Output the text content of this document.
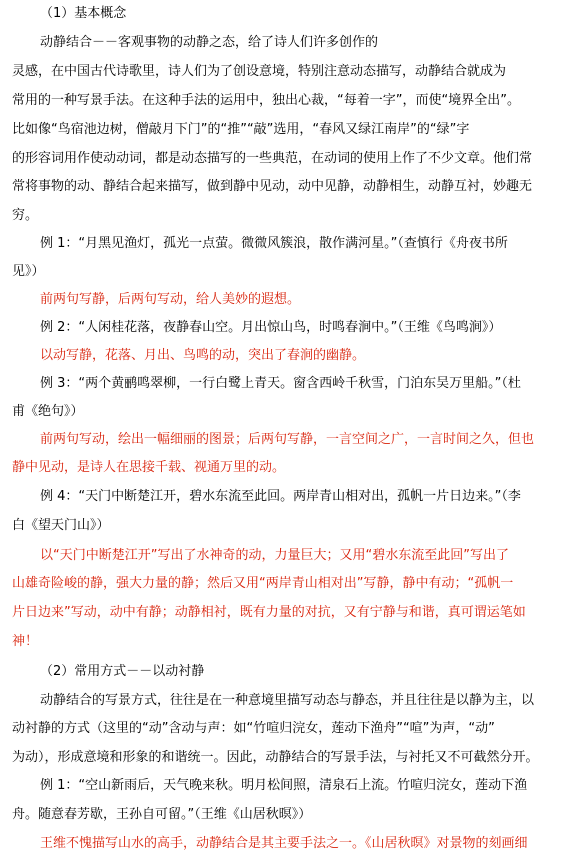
（1）基本概念

动静结合－－客观事物的动静之态，给了诗人们许多创作的

灵感，在中国古代诗歌里，诗人们为了创设意境，特别注意动态描写，动静结合就成为

常用的一种写景手法。在这种手法的运用中，独出心裁，“每着一字”，而使“境界全出”。

比如像“鸟宿池边树，僧敲月下门”的“推”“敲”选用，“春风又绿江南岸”的“绿”字

的形容词用作使动动词，都是动态描写的一些典范，在动词的使用上作了不少文章。他们常

常将事物的动、静结合起来描写，做到静中见动，动中见静，动静相生，动静互衬，妙趣无

穷。

例 1：“月黑见渔灯，孤光一点萤。微微风簇浪，散作满河星。”（查慎行《舟夜书所

见》）

前两句写静，后两句写动，给人美妙的遐想。

例 2：“人闲桂花落，夜静春山空。月出惊山鸟，时鸣春涧中。”（王维《鸟鸣涧》）

以动写静，花落、月出、鸟鸣的动，突出了春涧的幽静。

例 3：“两个黄鹂鸣翠柳，一行白鹭上青天。窗含西岭千秋雪，门泊东吴万里船。”（杜

甫《绝句》）

前两句写动，绘出一幅细丽的图景；后两句写静，一言空间之广，一言时间之久，但也

静中见动，是诗人在思接千载、视通万里的动。

例 4：“天门中断楚江开，碧水东流至此回。两岸青山相对出，孤帆一片日边来。”（李

白《望天门山》）

以“天门中断楚江开”写出了水神奇的动，力量巨大；又用“碧水东流至此回”写出了

山雄奇险峻的静，强大力量的静；然后又用“两岸青山相对出”写静，静中有动；“孤帆一

片日边来”写动，动中有静；动静相衬，既有力量的对抗，又有宁静与和谐，真可谓运笔如

神！

（2）常用方式－－以动衬静

动静结合的写景方式，往往是在一种意境里描写动态与静态，并且往往是以静为主，以

动衬静的方式（这里的“动”含动与声：如“竹喧归浣女，莲动下渔舟”“喧”为声，“动”

为动），形成意境和形象的和谐统一。因此，动静结合的写景手法，与衬托又不可截然分开。

例 1：“空山新雨后，天气晚来秋。明月松间照，清泉石上流。竹喧归浣女，莲动下渔

舟。随意春芳歇，王孙自可留。”（王维《山居秋暝》）

王维不愧描写山水的高手，动静结合是其主要手法之一。《山居秋暝》对景物的刻画细
